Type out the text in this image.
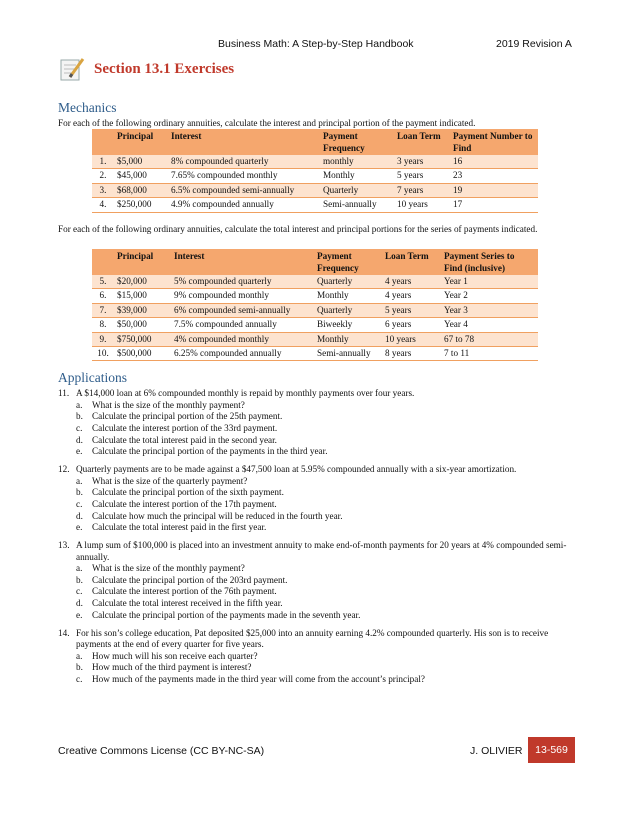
Business Math: A Step-by-Step Handbook	2019 Revision A
Section 13.1 Exercises
Mechanics
For each of the following ordinary annuities, calculate the interest and principal portion of the payment indicated.
	Principal	Interest	Payment Frequency	Loan Term	Payment Number to Find
1.	$5,000	8% compounded quarterly	monthly	3 years	16
2.	$45,000	7.65% compounded monthly	Monthly	5 years	23
3.	$68,000	6.5% compounded semi-annually	Quarterly	7 years	19
4.	$250,000	4.9% compounded annually	Semi-annually	10 years	17
For each of the following ordinary annuities, calculate the total interest and principal portions for the series of payments indicated.
	Principal	Interest	Payment Frequency	Loan Term	Payment Series to Find (inclusive)
5.	$20,000	5% compounded quarterly	Quarterly	4 years	Year 1
6.	$15,000	9% compounded monthly	Monthly	4 years	Year 2
7.	$39,000	6% compounded semi-annually	Quarterly	5 years	Year 3
8.	$50,000	7.5% compounded annually	Biweekly	6 years	Year 4
9.	$750,000	4% compounded monthly	Monthly	10 years	67 to 78
10.	$500,000	6.25% compounded annually	Semi-annually	8 years	7 to 11
Applications
11. A $14,000 loan at 6% compounded monthly is repaid by monthly payments over four years.
a.	What is the size of the monthly payment?
b. Calculate the principal portion of the 25th payment.
c.	Calculate the interest portion of the 33rd payment.
d. Calculate the total interest paid in the second year.
e.	Calculate the principal portion of the payments in the third year.
12. Quarterly payments are to be made against a $47,500 loan at 5.95% compounded annually with a six-year amortization.
a.	What is the size of the quarterly payment?
b. Calculate the principal portion of the sixth payment.
c.	Calculate the interest portion of the 17th payment.
d. Calculate how much the principal will be reduced in the fourth year.
e.	Calculate the total interest paid in the first year.
13. A lump sum of $100,000 is placed into an investment annuity to make end-of-month payments for 20 years at 4% compounded semi-annually.
a.	What is the size of the monthly payment?
b. Calculate the principal portion of the 203rd payment.
c.	Calculate the interest portion of the 76th payment.
d. Calculate the total interest received in the fifth year.
e.	Calculate the principal portion of the payments made in the seventh year.
14. For his son’s college education, Pat deposited $25,000 into an annuity earning 4.2% compounded quarterly. His son is to receive payments at the end of every quarter for five years.
a.	How much will his son receive each quarter?
b. How much of the third payment is interest?
c.	How much of the payments made in the third year will come from the account’s principal?
Creative Commons License (CC BY-NC-SA)	J. OLIVIER	13-569
